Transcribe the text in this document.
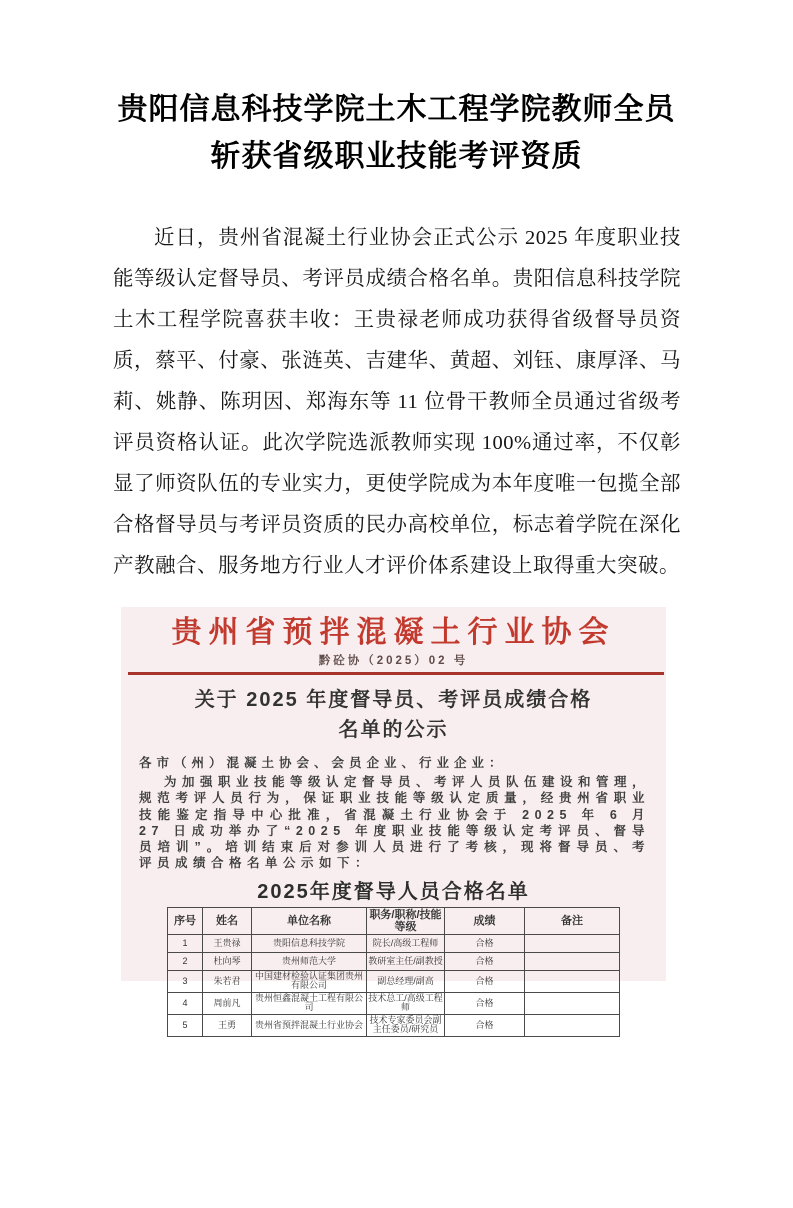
贵阳信息科技学院土木工程学院教师全员
斩获省级职业技能考评资质

近日，贵州省混凝土行业协会正式公示 2025 年度职业技能等级认定督导员、考评员成绩合格名单。贵阳信息科技学院土木工程学院喜获丰收：王贵禄老师成功获得省级督导员资质，蔡平、付豪、张涟英、吉建华、黄超、刘钰、康厚泽、马莉、姚静、陈玥因、郑海东等 11 位骨干教师全员通过省级考评员资格认证。此次学院选派教师实现 100%通过率，不仅彰显了师资队伍的专业实力，更使学院成为本年度唯一包揽全部合格督导员与考评员资质的民办高校单位，标志着学院在深化产教融合、服务地方行业人才评价体系建设上取得重大突破。

贵州省预拌混凝土行业协会
黔砼协（2025）02 号
关于 2025 年度督导员、考评员成绩合格
名单的公示
各市（州）混凝土协会、会员企业、行业企业：

为加强职业技能等级认定督导员、考评人员队伍建设和管理，规范考评人员行为，保证职业技能等级认定质量，经贵州省职业技能鉴定指导中心批准，省混凝土行业协会于 2025 年 6 月 27 日成功举办了“2025 年度职业技能等级认定考评员、督导员培训”。培训结束后对参训人员进行了考核，现将督导员、考评员成绩合格名单公示如下：

2025年度督导人员合格名单
序号	姓名	单位名称	职务/职称/技能等级	成绩	备注
1	王贵禄	贵阳信息科技学院	院长/高级工程师	合格	
2	杜向琴	贵州师范大学	教研室主任/副教授	合格	
3	朱若君	中国建材检验认证集团贵州有限公司	副总经理/副高	合格	
4	周前凡	贵州恒鑫混凝土工程有限公司	技术总工/高级工程师	合格	
5	王勇	贵州省预拌混凝土行业协会	技术专家委员会副主任委员/研究员	合格	
